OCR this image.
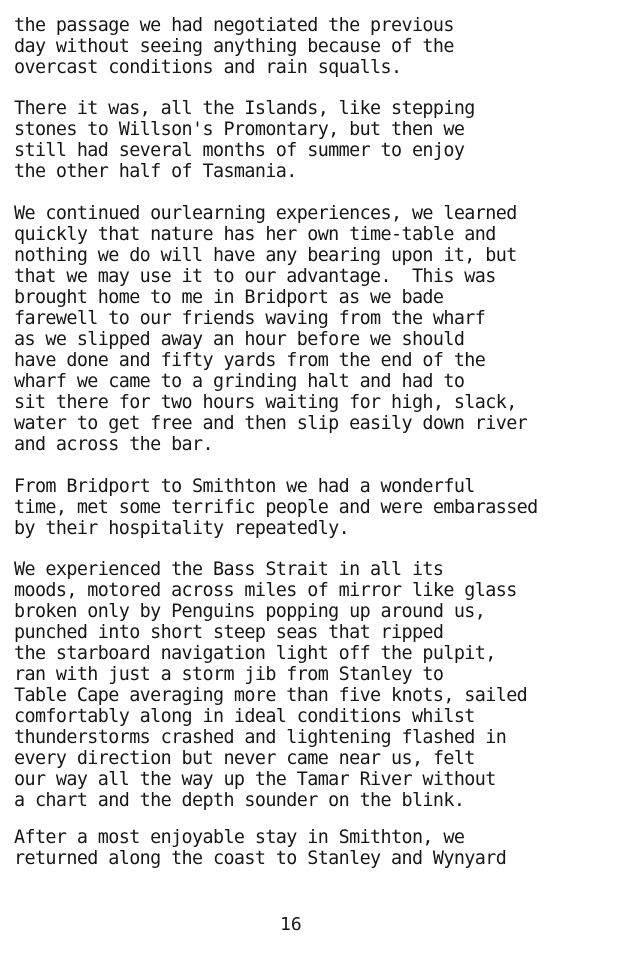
the passage we had negotiated the previous
day without seeing anything because of the
overcast conditions and rain squalls.
There it was, all the Islands, like stepping
stones to Willson's Promontary, but then we
still had several months of summer to enjoy
the other half of Tasmania.
We continued ourlearning experiences, we learned
quickly that nature has her own time-table and
nothing we do will have any bearing upon it, but
that we may use it to our advantage.  This was
brought home to me in Bridport as we bade
farewell to our friends waving from the wharf
as we slipped away an hour before we should
have done and fifty yards from the end of the
wharf we came to a grinding halt and had to
sit there for two hours waiting for high, slack,
water to get free and then slip easily down river
and across the bar.
From Bridport to Smithton we had a wonderful
time, met some terrific people and were embarassed
by their hospitality repeatedly.
We experienced the Bass Strait in all its
moods, motored across miles of mirror like glass
broken only by Penguins popping up around us,
punched into short steep seas that ripped
the starboard navigation light off the pulpit,
ran with just a storm jib from Stanley to
Table Cape averaging more than five knots, sailed
comfortably along in ideal conditions whilst
thunderstorms crashed and lightening flashed in
every direction but never came near us, felt
our way all the way up the Tamar River without
a chart and the depth sounder on the blink.
After a most enjoyable stay in Smithton, we
returned along the coast to Stanley and Wynyard
16
